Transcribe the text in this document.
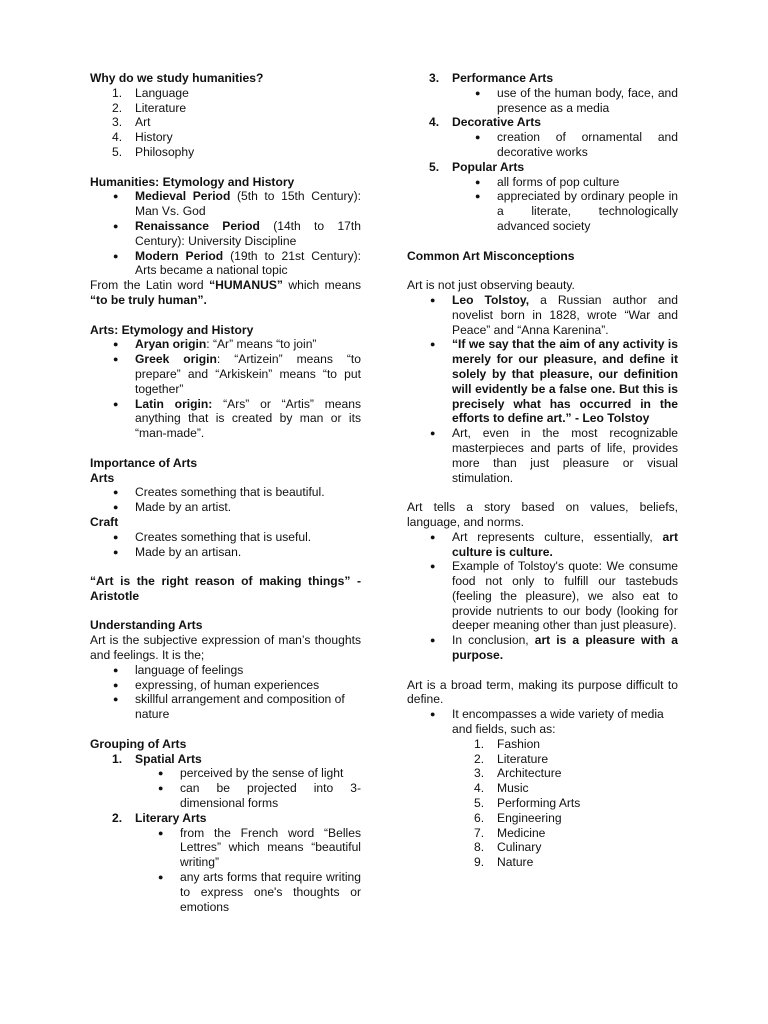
Why do we study humanities?

1. Language
2. Literature
3. Art
4. History
5. Philosophy

Humanities: Etymology and History

● Medieval Period (5th to 15th Century): Man Vs. God
● Renaissance Period (14th to 17th Century): University Discipline
● Modern Period (19th to 21st Century): Arts became a national topic

From the Latin word “HUMANUS” which means “to be truly human”.

Arts: Etymology and History

● Aryan origin: “Ar” means “to join”
● Greek origin: “Artizein” means “to prepare” and “Arkiskein” means “to put together”
● Latin origin: “Ars” or “Artis” means anything that is created by man or its “man-made”.

Importance of Arts

Arts

● Creates something that is beautiful.
● Made by an artist.

Craft

● Creates something that is useful.
● Made by an artisan.

“Art is the right reason of making things” - Aristotle

Understanding Arts

Art is the subjective expression of man’s thoughts and feelings. It is the;

● language of feelings
● expressing, of human experiences
● skillful arrangement and composition of nature

Grouping of Arts

1. Spatial Arts
● perceived by the sense of light
● can be projected into 3-dimensional forms
2. Literary Arts
● from the French word “Belles Lettres” which means “beautiful writing”
● any arts forms that require writing to express one's thoughts or emotions
3. Performance Arts
● use of the human body, face, and presence as a media
4. Decorative Arts
● creation of ornamental and decorative works
5. Popular Arts
● all forms of pop culture
● appreciated by ordinary people in a literate, technologically advanced society

Common Art Misconceptions

Art is not just observing beauty.

● Leo Tolstoy, a Russian author and novelist born in 1828, wrote “War and Peace” and “Anna Karenina”.
● “If we say that the aim of any activity is merely for our pleasure, and define it solely by that pleasure, our definition will evidently be a false one. But this is precisely what has occurred in the efforts to define art.” - Leo Tolstoy
● Art, even in the most recognizable masterpieces and parts of life, provides more than just pleasure or visual stimulation.

Art tells a story based on values, beliefs, language, and norms.

● Art represents culture, essentially, art culture is culture.
● Example of Tolstoy's quote: We consume food not only to fulfill our tastebuds (feeling the pleasure), we also eat to provide nutrients to our body (looking for deeper meaning other than just pleasure).
● In conclusion, art is a pleasure with a purpose.

Art is a broad term, making its purpose difficult to define.

● It encompasses a wide variety of media
and fields, such as:
1. Fashion
2. Literature
3. Architecture
4. Music
5. Performing Arts
6. Engineering
7. Medicine
8. Culinary
9. Nature
